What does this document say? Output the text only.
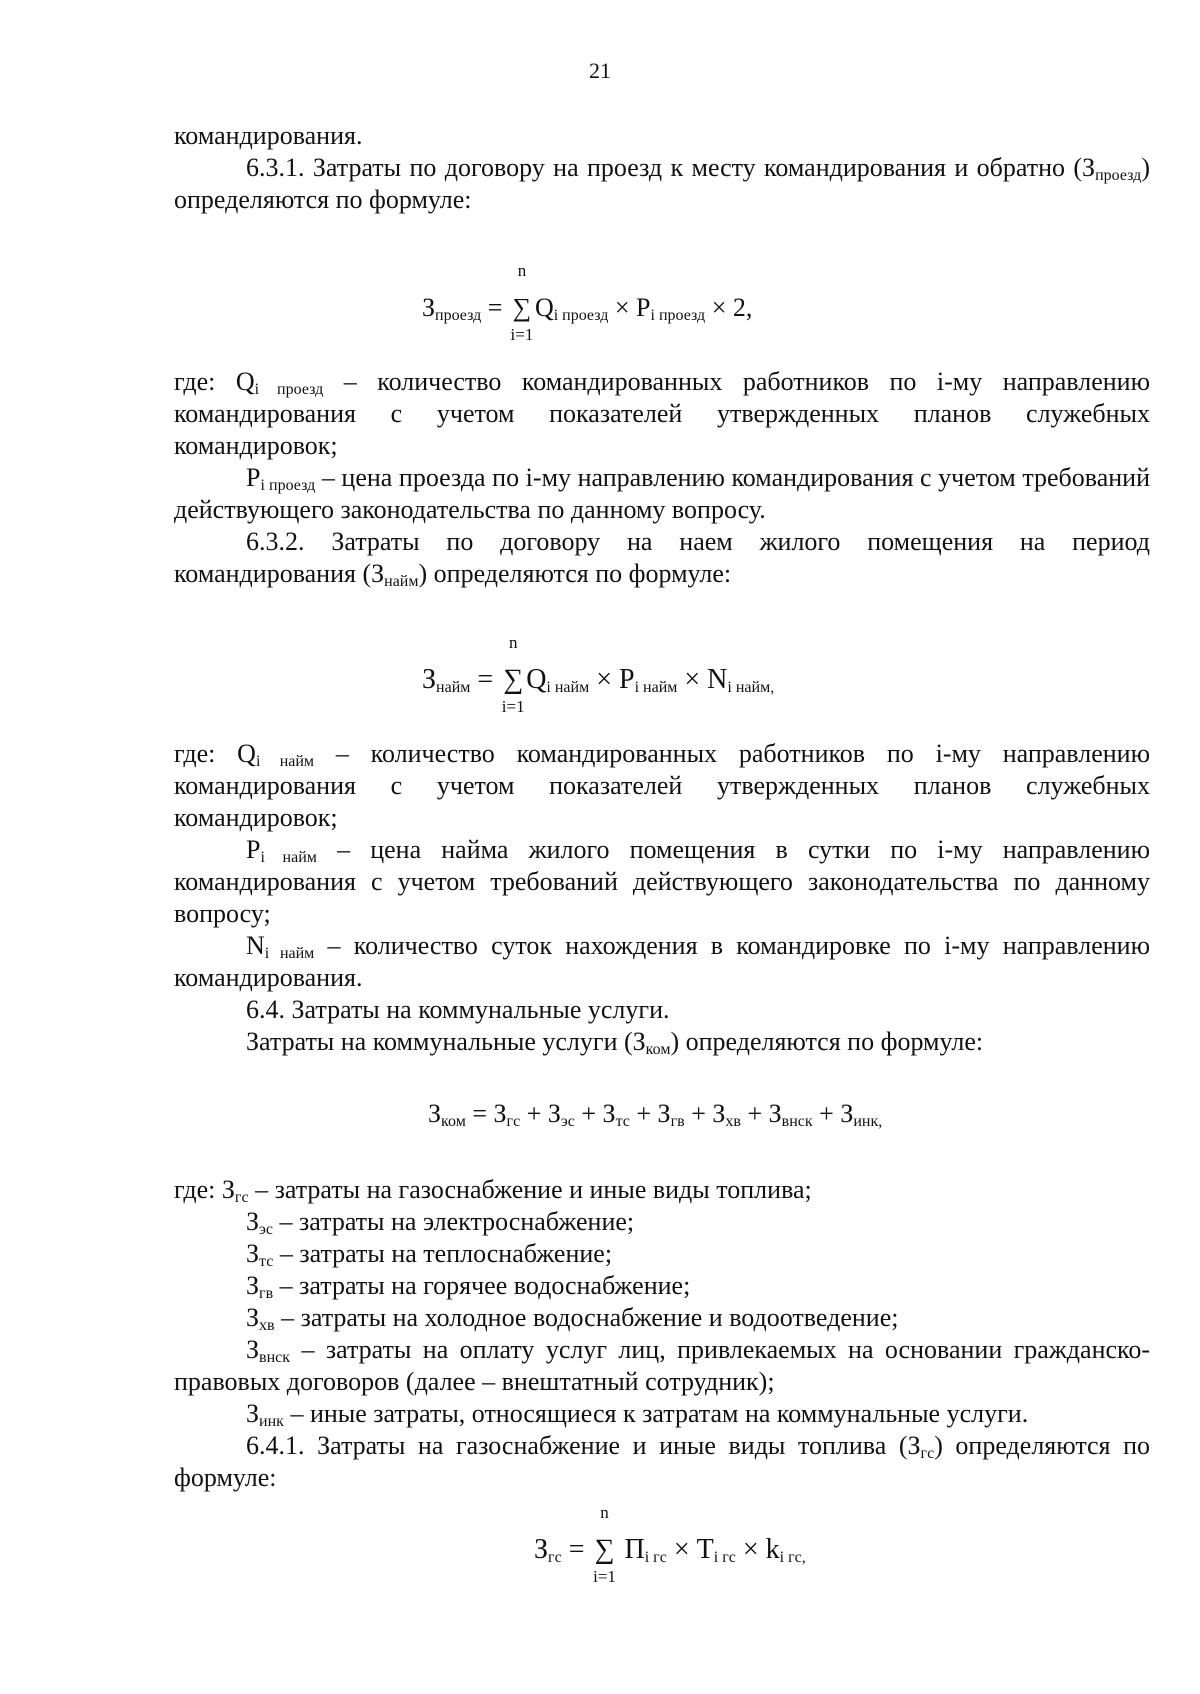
21

командирования.

6.3.1. Затраты по договору на проезд к месту командирования и обратно $(З_{проезд})$ определяются по формуле:

$З_{проезд}$ =
n
∑
i=1
$Q_{i проезд} \times P_{i проезд} \times 2$,

где: $Q_{i проезд}$ – количество командированных работников по i-му направлению командирования с учетом показателей утвержденных планов служебных командировок;

$P_{i проезд}$ – цена проезда по i-му направлению командирования с учетом требований действующего законодательства по данному вопросу.

6.3.2. Затраты по договору на наем жилого помещения на период командирования $(З_{найм})$ определяются по формуле:

$З_{найм}$ =
n
∑
i=1
$Q_{i найм} \times P_{i найм} \times N_{i найм,}$

где: $Q_{i найм}$ – количество командированных работников по i-му направлению командирования с учетом показателей утвержденных планов служебных командировок;

$P_{i найм}$ – цена найма жилого помещения в сутки по i-му направлению командирования с учетом требований действующего законодательства по данному вопросу;

$N_{i найм}$ – количество суток нахождения в командировке по i-му направлению командирования.

6.4. Затраты на коммунальные услуги.

Затраты на коммунальные услуги $(З_{ком})$ определяются по формуле:

$З_{ком} = З_{гс} + З_{эс} + З_{тс} + З_{гв} + З_{хв} + З_{внск} + З_{инк,}$

где: $З_{гс}$ – затраты на газоснабжение и иные виды топлива;

$З_{эс}$ – затраты на электроснабжение;

$З_{тс}$ – затраты на теплоснабжение;

$З_{гв}$ – затраты на горячее водоснабжение;

$З_{хв}$ – затраты на холодное водоснабжение и водоотведение;

$З_{внск}$ – затраты на оплату услуг лиц, привлекаемых на основании гражданско-правовых договоров (далее – внештатный сотрудник);

$З_{инк}$ – иные затраты, относящиеся к затратам на коммунальные услуги.

6.4.1. Затраты на газоснабжение и иные виды топлива $(З_{гс})$ определяются по формуле:

$З_{гс}$ =
n
∑
i=1
$П_{i гс} \times Т_{i гс} \times k_{i гс,}$
